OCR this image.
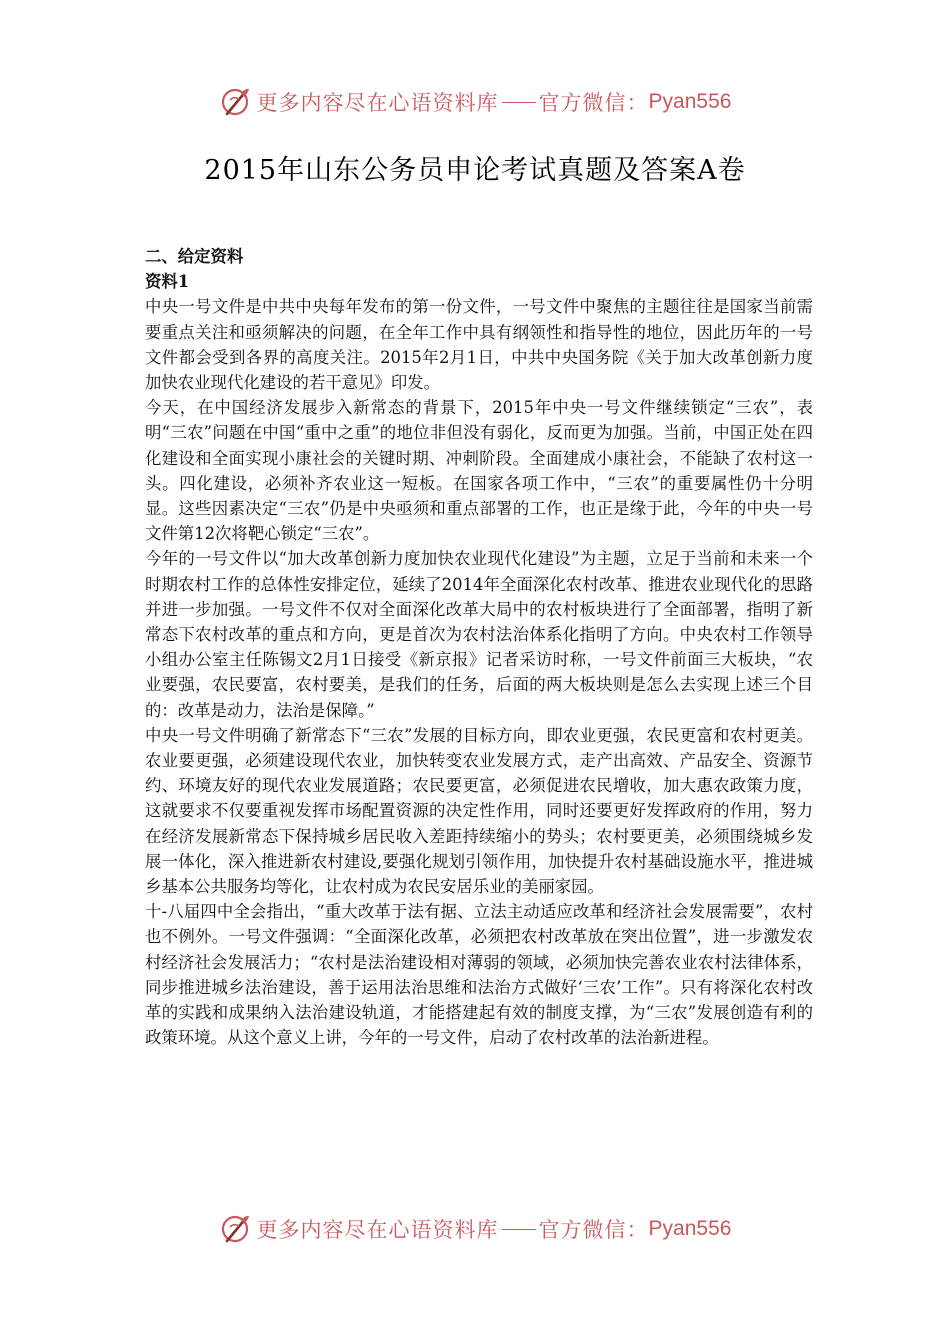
更多内容尽在心语资料库 官方微信： Pyan556
2015年山东公务员申论考试真题及答案A卷

二、给定资料

资料1

中央一号文件是中共中央每年发布的第一份文件，一号文件中聚焦的主题往往是国家当前需要重点关注和亟须解决的问题，在全年工作中具有纲领性和指导性的地位，因此历年的一号文件都会受到各界的高度关注。2015年2月1日，中共中央国务院《关于加大改革创新力度加快农业现代化建设的若干意见》印发。

今天，在中国经济发展步入新常态的背景下，2015年中央一号文件继续锁定“三农”，表明“三农”问题在中国“重中之重”的地位非但没有弱化，反而更为加强。当前，中国正处在四化建设和全面实现小康社会的关键时期、冲刺阶段。全面建成小康社会，不能缺了农村这一头。四化建设，必须补齐农业这一短板。在国家各项工作中，“三农”的重要属性仍十分明显。这些因素决定“三农”仍是中央亟须和重点部署的工作，也正是缘于此，今年的中央一号文件第12次将靶心锁定“三农”。

今年的一号文件以“加大改革创新力度加快农业现代化建设”为主题，立足于当前和未来一个时期农村工作的总体性安排定位，延续了2014年全面深化农村改革、推进农业现代化的思路并进一步加强。一号文件不仅对全面深化改革大局中的农村板块进行了全面部署，指明了新常态下农村改革的重点和方向，更是首次为农村法治体系化指明了方向。中央农村工作领导小组办公室主任陈锡文2月1日接受《新京报》记者采访时称，一号文件前面三大板块，“农业要强，农民要富，农村要美，是我们的任务，后面的两大板块则是怎么去实现上述三个目的：改革是动力，法治是保障。”

中央一号文件明确了新常态下“三农”发展的目标方向，即农业更强，农民更富和农村更美。农业要更强，必须建设现代农业，加快转变农业发展方式，走产出高效、产品安全、资源节约、环境友好的现代农业发展道路；农民要更富，必须促进农民增收，加大惠农政策力度，这就要求不仅要重视发挥市场配置资源的决定性作用，同时还要更好发挥政府的作用，努力在经济发展新常态下保持城乡居民收入差距持续缩小的势头；农村要更美，必须围绕城乡发展一体化，深入推进新农村建设,要强化规划引领作用，加快提升农村基础设施水平，推进城乡基本公共服务均等化，让农村成为农民安居乐业的美丽家园。

十-八届四中全会指出，“重大改革于法有据、立法主动适应改革和经济社会发展需要”，农村也不例外。一号文件强调：“全面深化改革，必须把农村改革放在突出位置”，进一步激发农村经济社会发展活力；“农村是法治建设相对薄弱的领域，必须加快完善农业农村法律体系，同步推进城乡法治建设，善于运用法治思维和法治方式做好‘三农’工作”。只有将深化农村改革的实践和成果纳入法治建设轨道，才能搭建起有效的制度支撑，为“三农”发展创造有利的政策环境。从这个意义上讲，今年的一号文件，启动了农村改革的法治新进程。

更多内容尽在心语资料库 官方微信： Pyan556
